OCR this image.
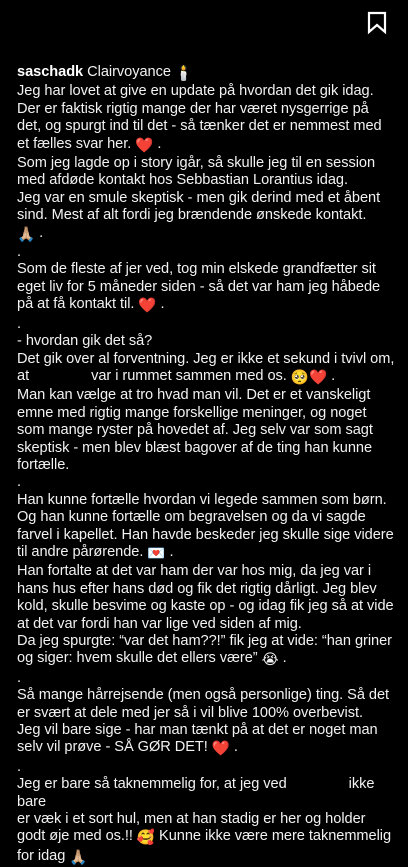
saschadk Clairvoyance 🕯️

Jeg har lovet at give en update på hvordan det gik idag.

Der er faktisk rigtig mange der har været nysgerrige på

det, og spurgt ind til det - så tænker det er nemmest med

et fælles svar her. ❤️ .

Som jeg lagde op i story igår, så skulle jeg til en session

med afdøde kontakt hos Sebbastian Lorantius idag.

Jeg var en smule skeptisk - men gik derind med et åbent

sind. Mest af alt fordi jeg brændende ønskede kontakt.

🙏🏼 .

.

Som de fleste af jer ved, tog min elskede grandfætter sit

eget liv for 5 måneder siden - så det var ham jeg håbede

på at få kontakt til. ❤️ .

.

- hvordan gik det så?

Det gik over al forventning. Jeg er ikke et sekund i tvivl om,

at	var i rummet sammen med os. 🥺❤️ .

Man kan vælge at tro hvad man vil. Det er et vanskeligt

emne med rigtig mange forskellige meninger, og noget

som mange ryster på hovedet af. Jeg selv var som sagt

skeptisk - men blev blæst bagover af de ting han kunne

fortælle.

.

Han kunne fortælle hvordan vi legede sammen som børn.

Og han kunne fortælle om begravelsen og da vi sagde

farvel i kapellet. Han havde beskeder jeg skulle sige videre

til andre pårørende. 💌 .

Han fortalte at det var ham der var hos mig, da jeg var i

hans hus efter hans død og fik det rigtig dårligt. Jeg blev

kold, skulle besvime og kaste op - og idag fik jeg så at vide

at det var fordi han var lige ved siden af mig.

Da jeg spurgte: “var det ham??!” fik jeg at vide: “han griner

og siger: hvem skulle det ellers være” 😭 .

.

Så mange hårrejsende (men også personlige) ting. Så det

er svært at dele med jer så i vil blive 100% overbevist.

Jeg vil bare sige - har man tænkt på at det er noget man

selv vil prøve - SÅ GØR DET! ❤️ .

.

Jeg er bare så taknemmelig for, at jeg ved	ikke bare

er væk i et sort hul, men at han stadig er her og holder

godt øje med os.!! 🥰 Kunne ikke være mere taknemmelig

for idag 🙏🏼
